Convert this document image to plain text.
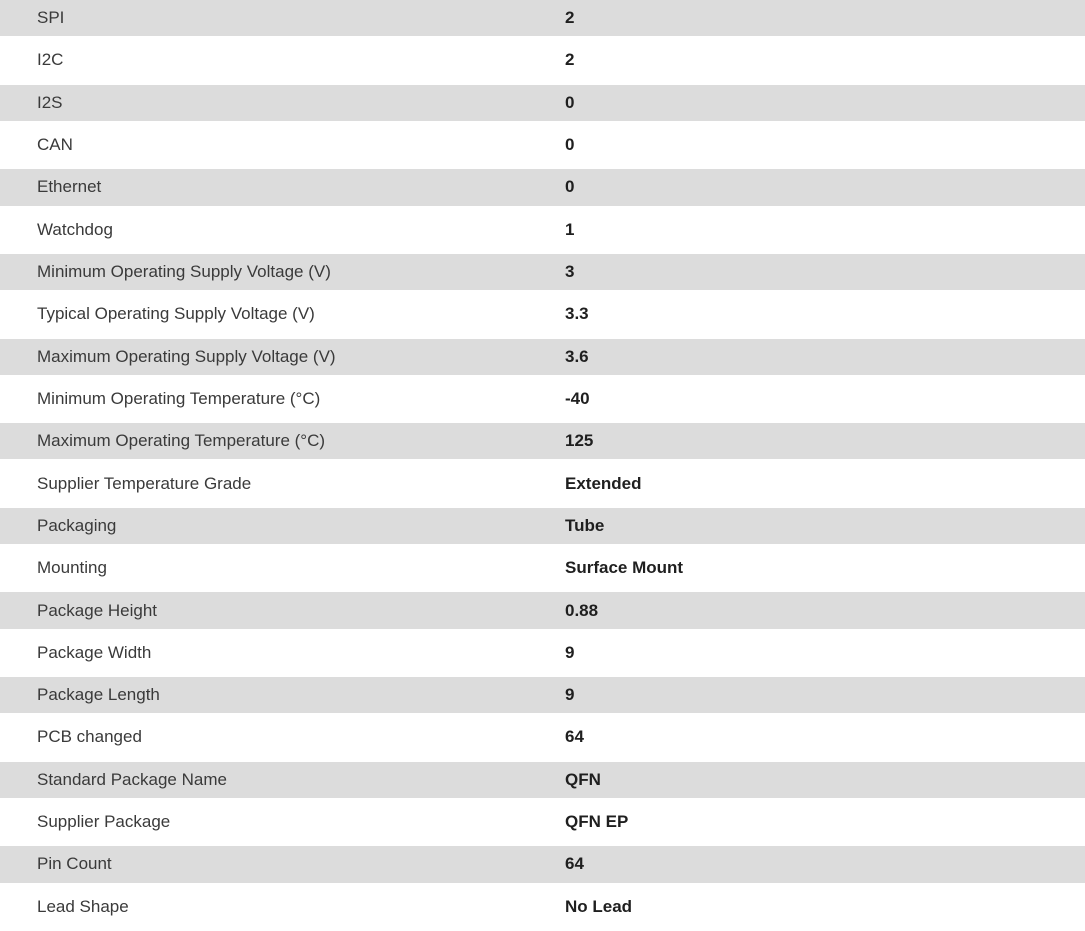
SPI	2
I2C	2
I2S	0
CAN	0
Ethernet	0
Watchdog	1
Minimum Operating Supply Voltage (V)	3
Typical Operating Supply Voltage (V)	3.3
Maximum Operating Supply Voltage (V)	3.6
Minimum Operating Temperature (°C)	-40
Maximum Operating Temperature (°C)	125
Supplier Temperature Grade	Extended
Packaging	Tube
Mounting	Surface Mount
Package Height	0.88
Package Width	9
Package Length	9
PCB changed	64
Standard Package Name	QFN
Supplier Package	QFN EP
Pin Count	64
Lead Shape	No Lead
